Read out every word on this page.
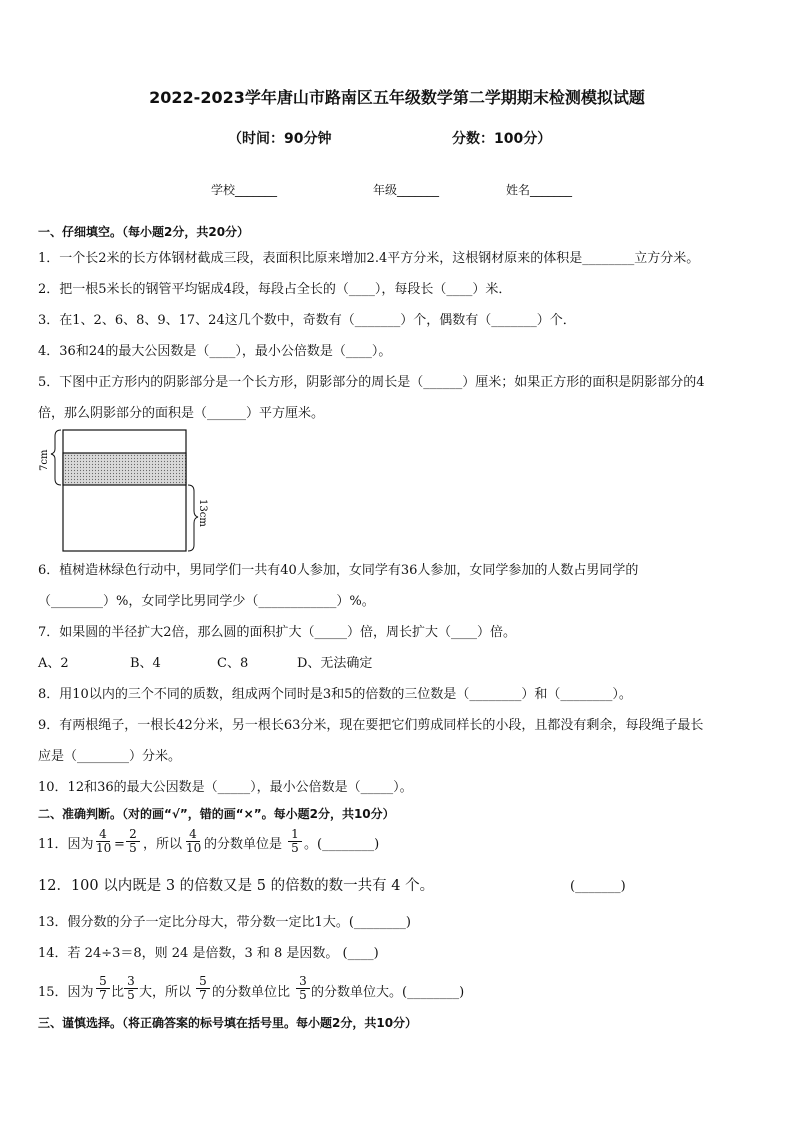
2022-2023学年唐山市路南区五年级数学第二学期期末检测模拟试题
（时间：90分钟	分数：100分）
学校_______	年级_______	姓名_______
一、仔细填空。（每小题2分，共20分）
1．一个长2米的长方体钢材截成三段，表面积比原来增加2.4平方分米，这根钢材原来的体积是________立方分米。
2．把一根5米长的钢管平均锯成4段，每段占全长的（____），每段长（____）米．
3．在1、2、6、8、9、17、24这几个数中，奇数有（_______）个，偶数有（_______）个．
4．36和24的最大公因数是（____），最小公倍数是（____）。
5．下图中正方形内的阴影部分是一个长方形，阴影部分的周长是（______）厘米；如果正方形的面积是阴影部分的4
倍，那么阴影部分的面积是（______）平方厘米。
7cm
13cm
6．植树造林绿色行动中，男同学们一共有40人参加，女同学有36人参加，女同学参加的人数占男同学的
（________）%，女同学比男同学少（____________）%。
7．如果圆的半径扩大2倍，那么圆的面积扩大（_____）倍，周长扩大（____）倍。
A、2	B、4	C、8	D、无法确定
8．用10以内的三个不同的质数，组成两个同时是3和5的倍数的三位数是（________）和（________）。
9．有两根绳子，一根长42分米，另一根长63分米，现在要把它们剪成同样长的小段，且都没有剩余，每段绳子最长
应是（________）分米。
10．12和36的最大公因数是（_____），最小公倍数是（_____）。
二、准确判断。（对的画“√”，错的画“×”。每小题2分，共10分）
11．因为 $\frac{4}{10} = \frac{2}{5}$ ，所以 $\frac{4}{10}$ 的分数单位是 $\frac{1}{5}$ 。(________)
12．100 以内既是 3 的倍数又是 5 的倍数的数一共有 4 个。	(_______)
13．假分数的分子一定比分母大，带分数一定比1大。(________)
14．若 24÷3＝8，则 24 是倍数，3 和 8 是因数。 (____)
15．因为 $\frac{5}{7}$ 比 $\frac{3}{5}$ 大，所以 $\frac{5}{7}$ 的分数单位比 $\frac{3}{5}$ 的分数单位大。(________)
三、谨慎选择。（将正确答案的标号填在括号里。每小题2分，共10分）
